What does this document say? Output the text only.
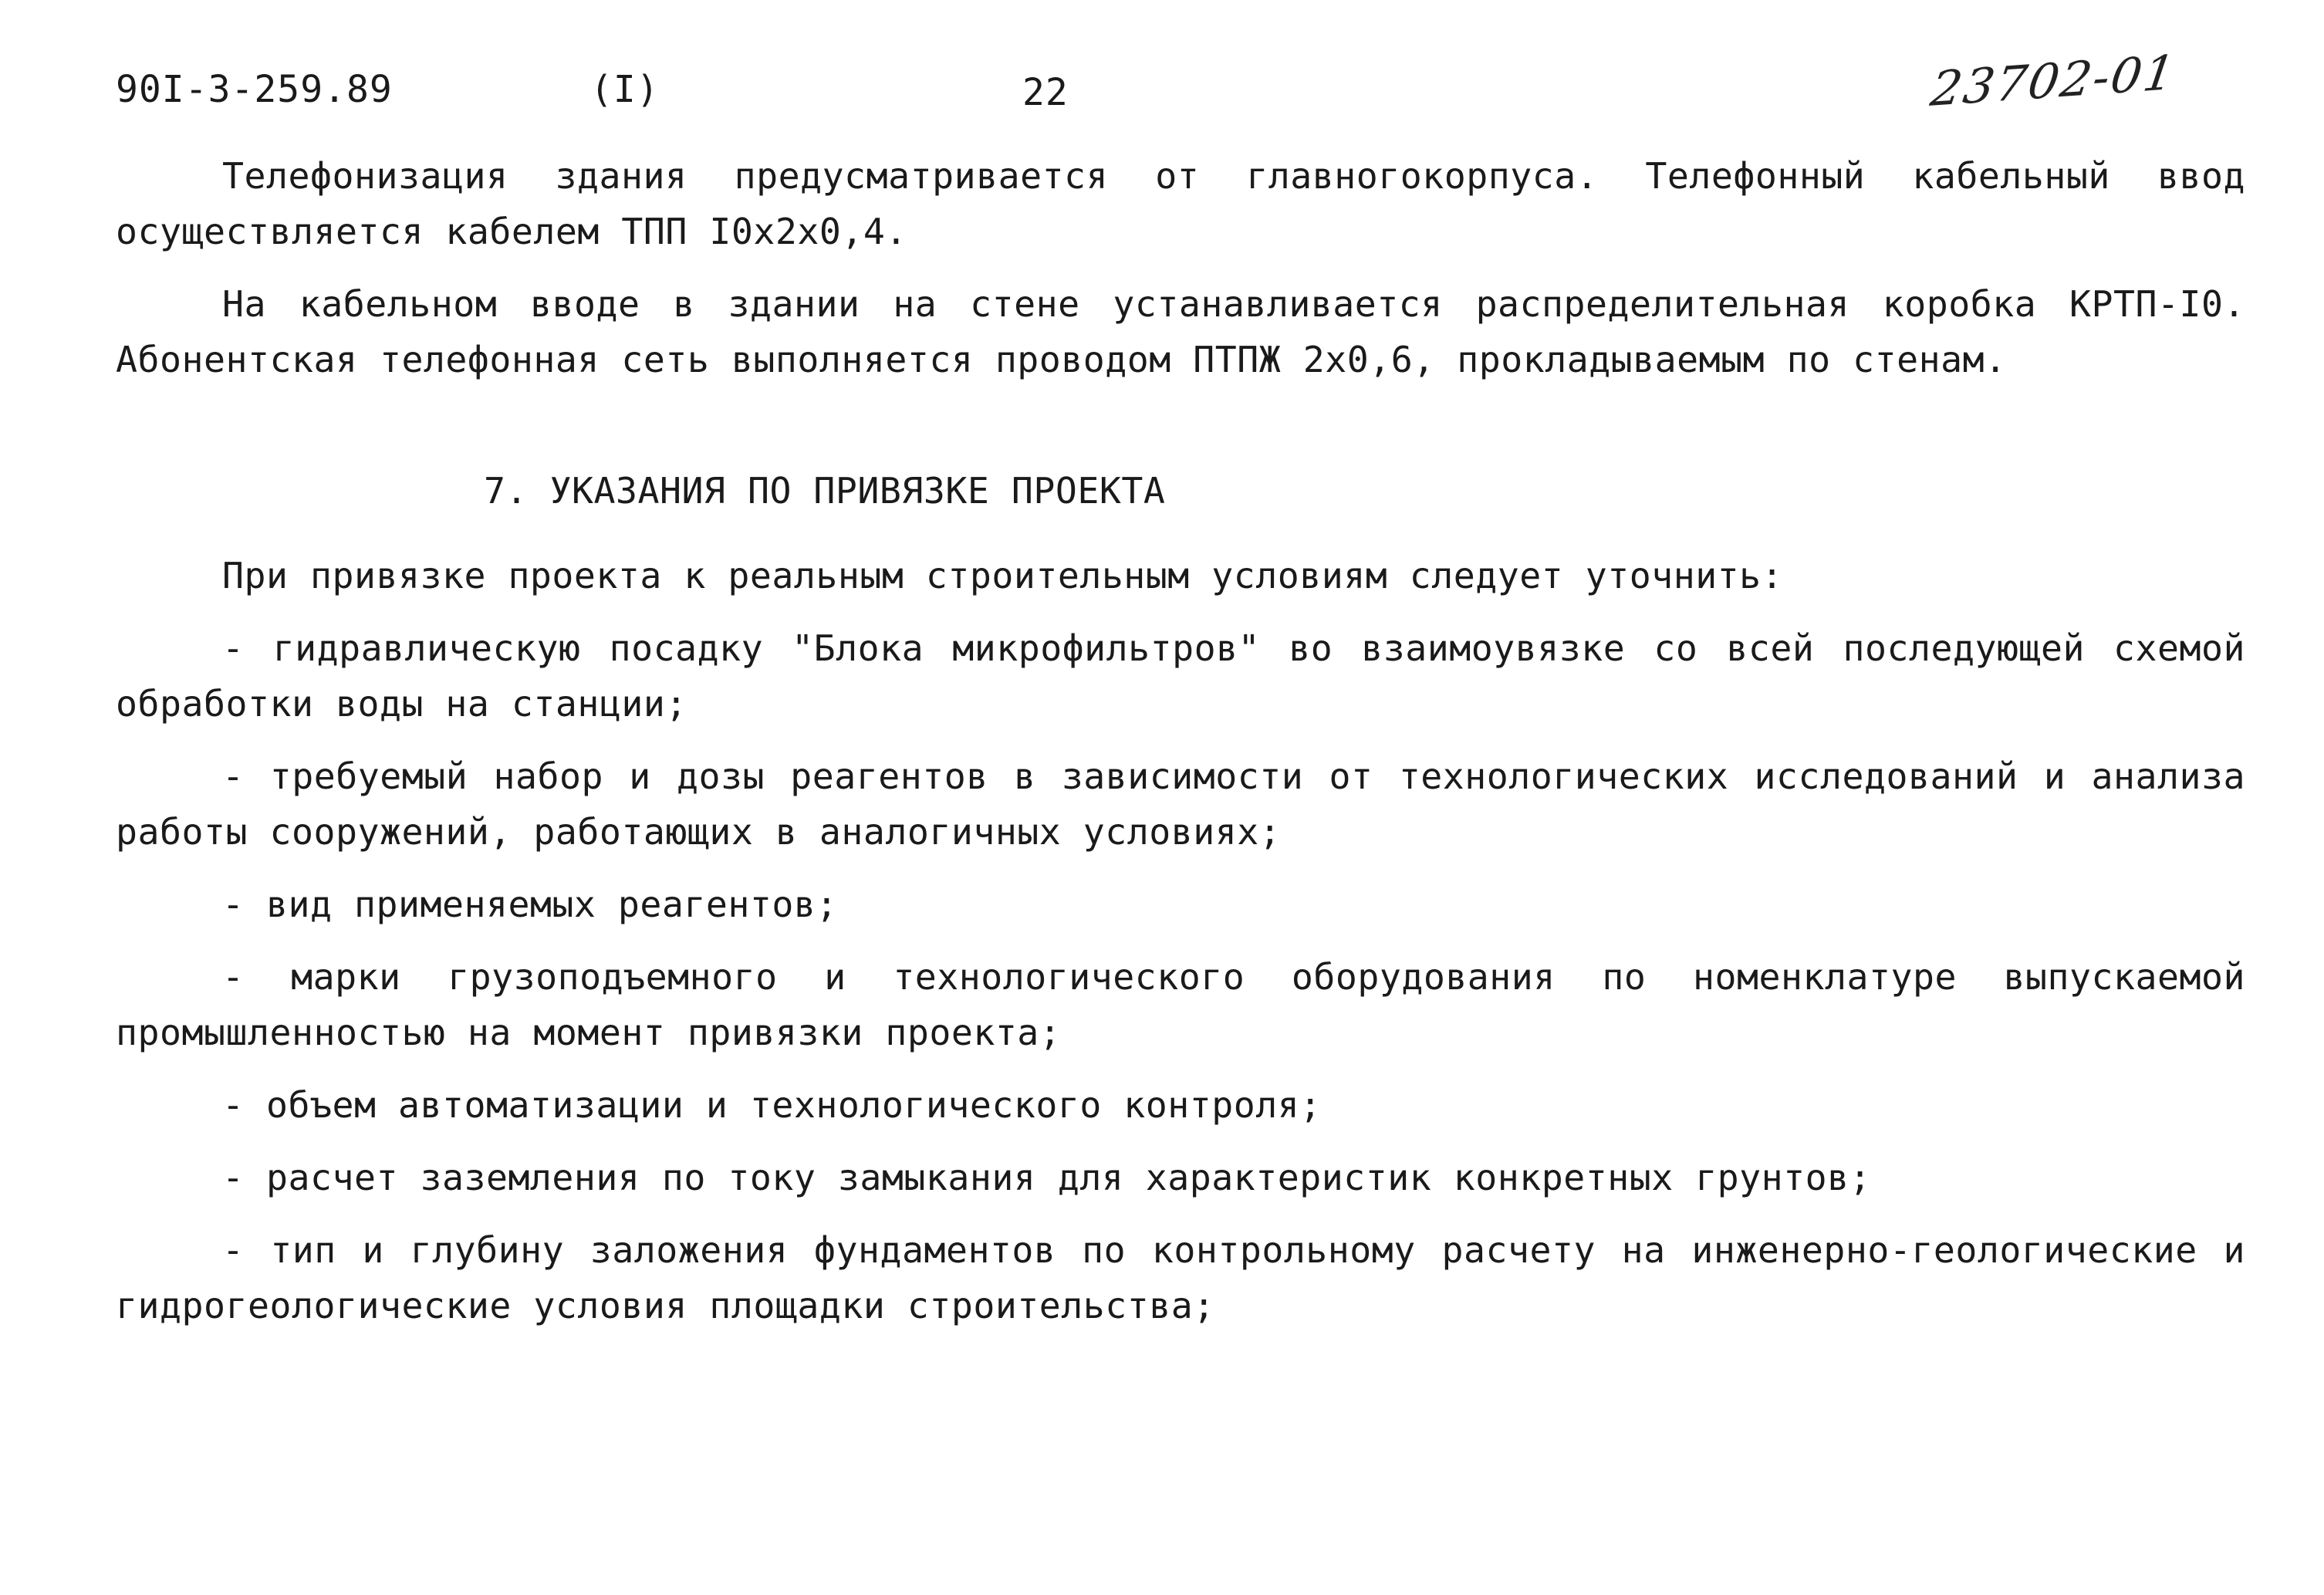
90I-3-259.89	(I)	22	23702-01

Телефонизация здания предусматривается от главногокорпуса. Телефонный кабельный ввод осуществляется кабелем ТПП I0x2x0,4.

На кабельном вводе в здании на стене устанавливается распределительная коробка КРТП-I0. Абонентская телефонная сеть выполняется проводом ПТПЖ 2x0,6, прокладываемым по стенам.

7. УКАЗАНИЯ ПО ПРИВЯЗКЕ ПРОЕКТА

При привязке проекта к реальным строительным условиям следует уточнить:

- гидравлическую посадку "Блока микрофильтров" во взаимоувязке со всей последующей схемой обработки воды на станции;

- требуемый набор и дозы реагентов в зависимости от технологических исследований и анализа работы сооружений, работающих в аналогичных условиях;

- вид применяемых реагентов;

- марки грузоподъемного и технологического оборудования по номенклатуре выпускаемой промышленностью на момент привязки проекта;

- объем автоматизации и технологического контроля;

- расчет заземления по току замыкания для характеристик конкретных грунтов;

- тип и глубину заложения фундаментов по контрольному расчету на инженерно-геологические и гидрогеологические условия площадки строительства;
